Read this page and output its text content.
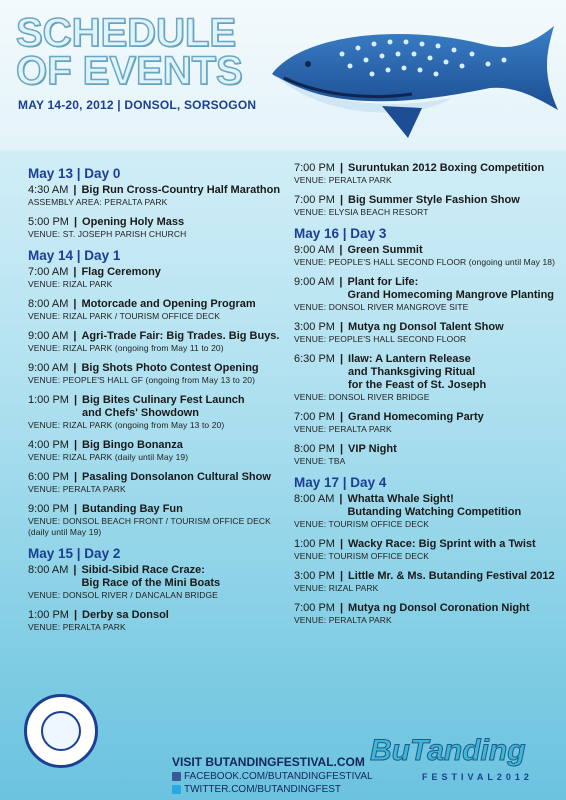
SCHEDULE
OF EVENTS
MAY 14-20, 2012 | DONSOL, SORSOGON
May 13 | Day 0
4:30 AM | Big Run Cross-Country Half Marathon
ASSEMBLY AREA: PERALTA PARK
5:00 PM | Opening Holy Mass
VENUE: ST. JOSEPH PARISH CHURCH
May 14 | Day 1
7:00 AM | Flag Ceremony
VENUE: RIZAL PARK
8:00 AM | Motorcade and Opening Program
VENUE: RIZAL PARK / TOURISM OFFICE DECK
9:00 AM | Agri-Trade Fair: Big Trades. Big Buys.
VENUE: RIZAL PARK (ongoing from May 11 to 20)
9:00 AM | Big Shots Photo Contest Opening
VENUE: PEOPLE'S HALL GF (ongoing from May 13 to 20)
1:00 PM | Big Bites Culinary Fest Launch
and Chefs' Showdown
VENUE: RIZAL PARK (ongoing from May 13 to 20)
4:00 PM | Big Bingo Bonanza
VENUE: RIZAL PARK (daily until May 19)
6:00 PM | Pasaling Donsolanon Cultural Show
VENUE: PERALTA PARK
9:00 PM | Butanding Bay Fun
VENUE: DONSOL BEACH FRONT / TOURISM OFFICE DECK
(daily until May 19)
May 15 | Day 2
8:00 AM | Sibid-Sibid Race Craze:
Big Race of the Mini Boats
VENUE: DONSOL RIVER / DANCALAN BRIDGE
1:00 PM | Derby sa Donsol
VENUE: PERALTA PARK
7:00 PM | Suruntukan 2012 Boxing Competition
VENUE: PERALTA PARK
7:00 PM | Big Summer Style Fashion Show
VENUE: ELYSIA BEACH RESORT
May 16 | Day 3
9:00 AM | Green Summit
VENUE: PEOPLE'S HALL SECOND FLOOR (ongoing until May 18)
9:00 AM | Plant for Life:
Grand Homecoming Mangrove Planting
VENUE: DONSOL RIVER MANGROVE SITE
3:00 PM | Mutya ng Donsol Talent Show
VENUE: PEOPLE'S HALL SECOND FLOOR
6:30 PM | Ilaw: A Lantern Release
and Thanksgiving Ritual
for the Feast of St. Joseph
VENUE: DONSOL RIVER BRIDGE
7:00 PM | Grand Homecoming Party
VENUE: PERALTA PARK
8:00 PM | VIP Night
VENUE: TBA
May 17 | Day 4
8:00 AM | Whatta Whale Sight!
Butanding Watching Competition
VENUE: TOURISM OFFICE DECK
1:00 PM | Wacky Race: Big Sprint with a Twist
VENUE: TOURISM OFFICE DECK
3:00 PM | Little Mr. & Ms. Butanding Festival 2012
VENUE: RIZAL PARK
7:00 PM | Mutya ng Donsol Coronation Night
VENUE: PERALTA PARK
VISIT BUTANDINGFESTIVAL.COM
FACEBOOK.COM/BUTANDINGFESTIVAL
TWITTER.COM/BUTANDINGFEST
BuTanding
FESTIVAL2012
